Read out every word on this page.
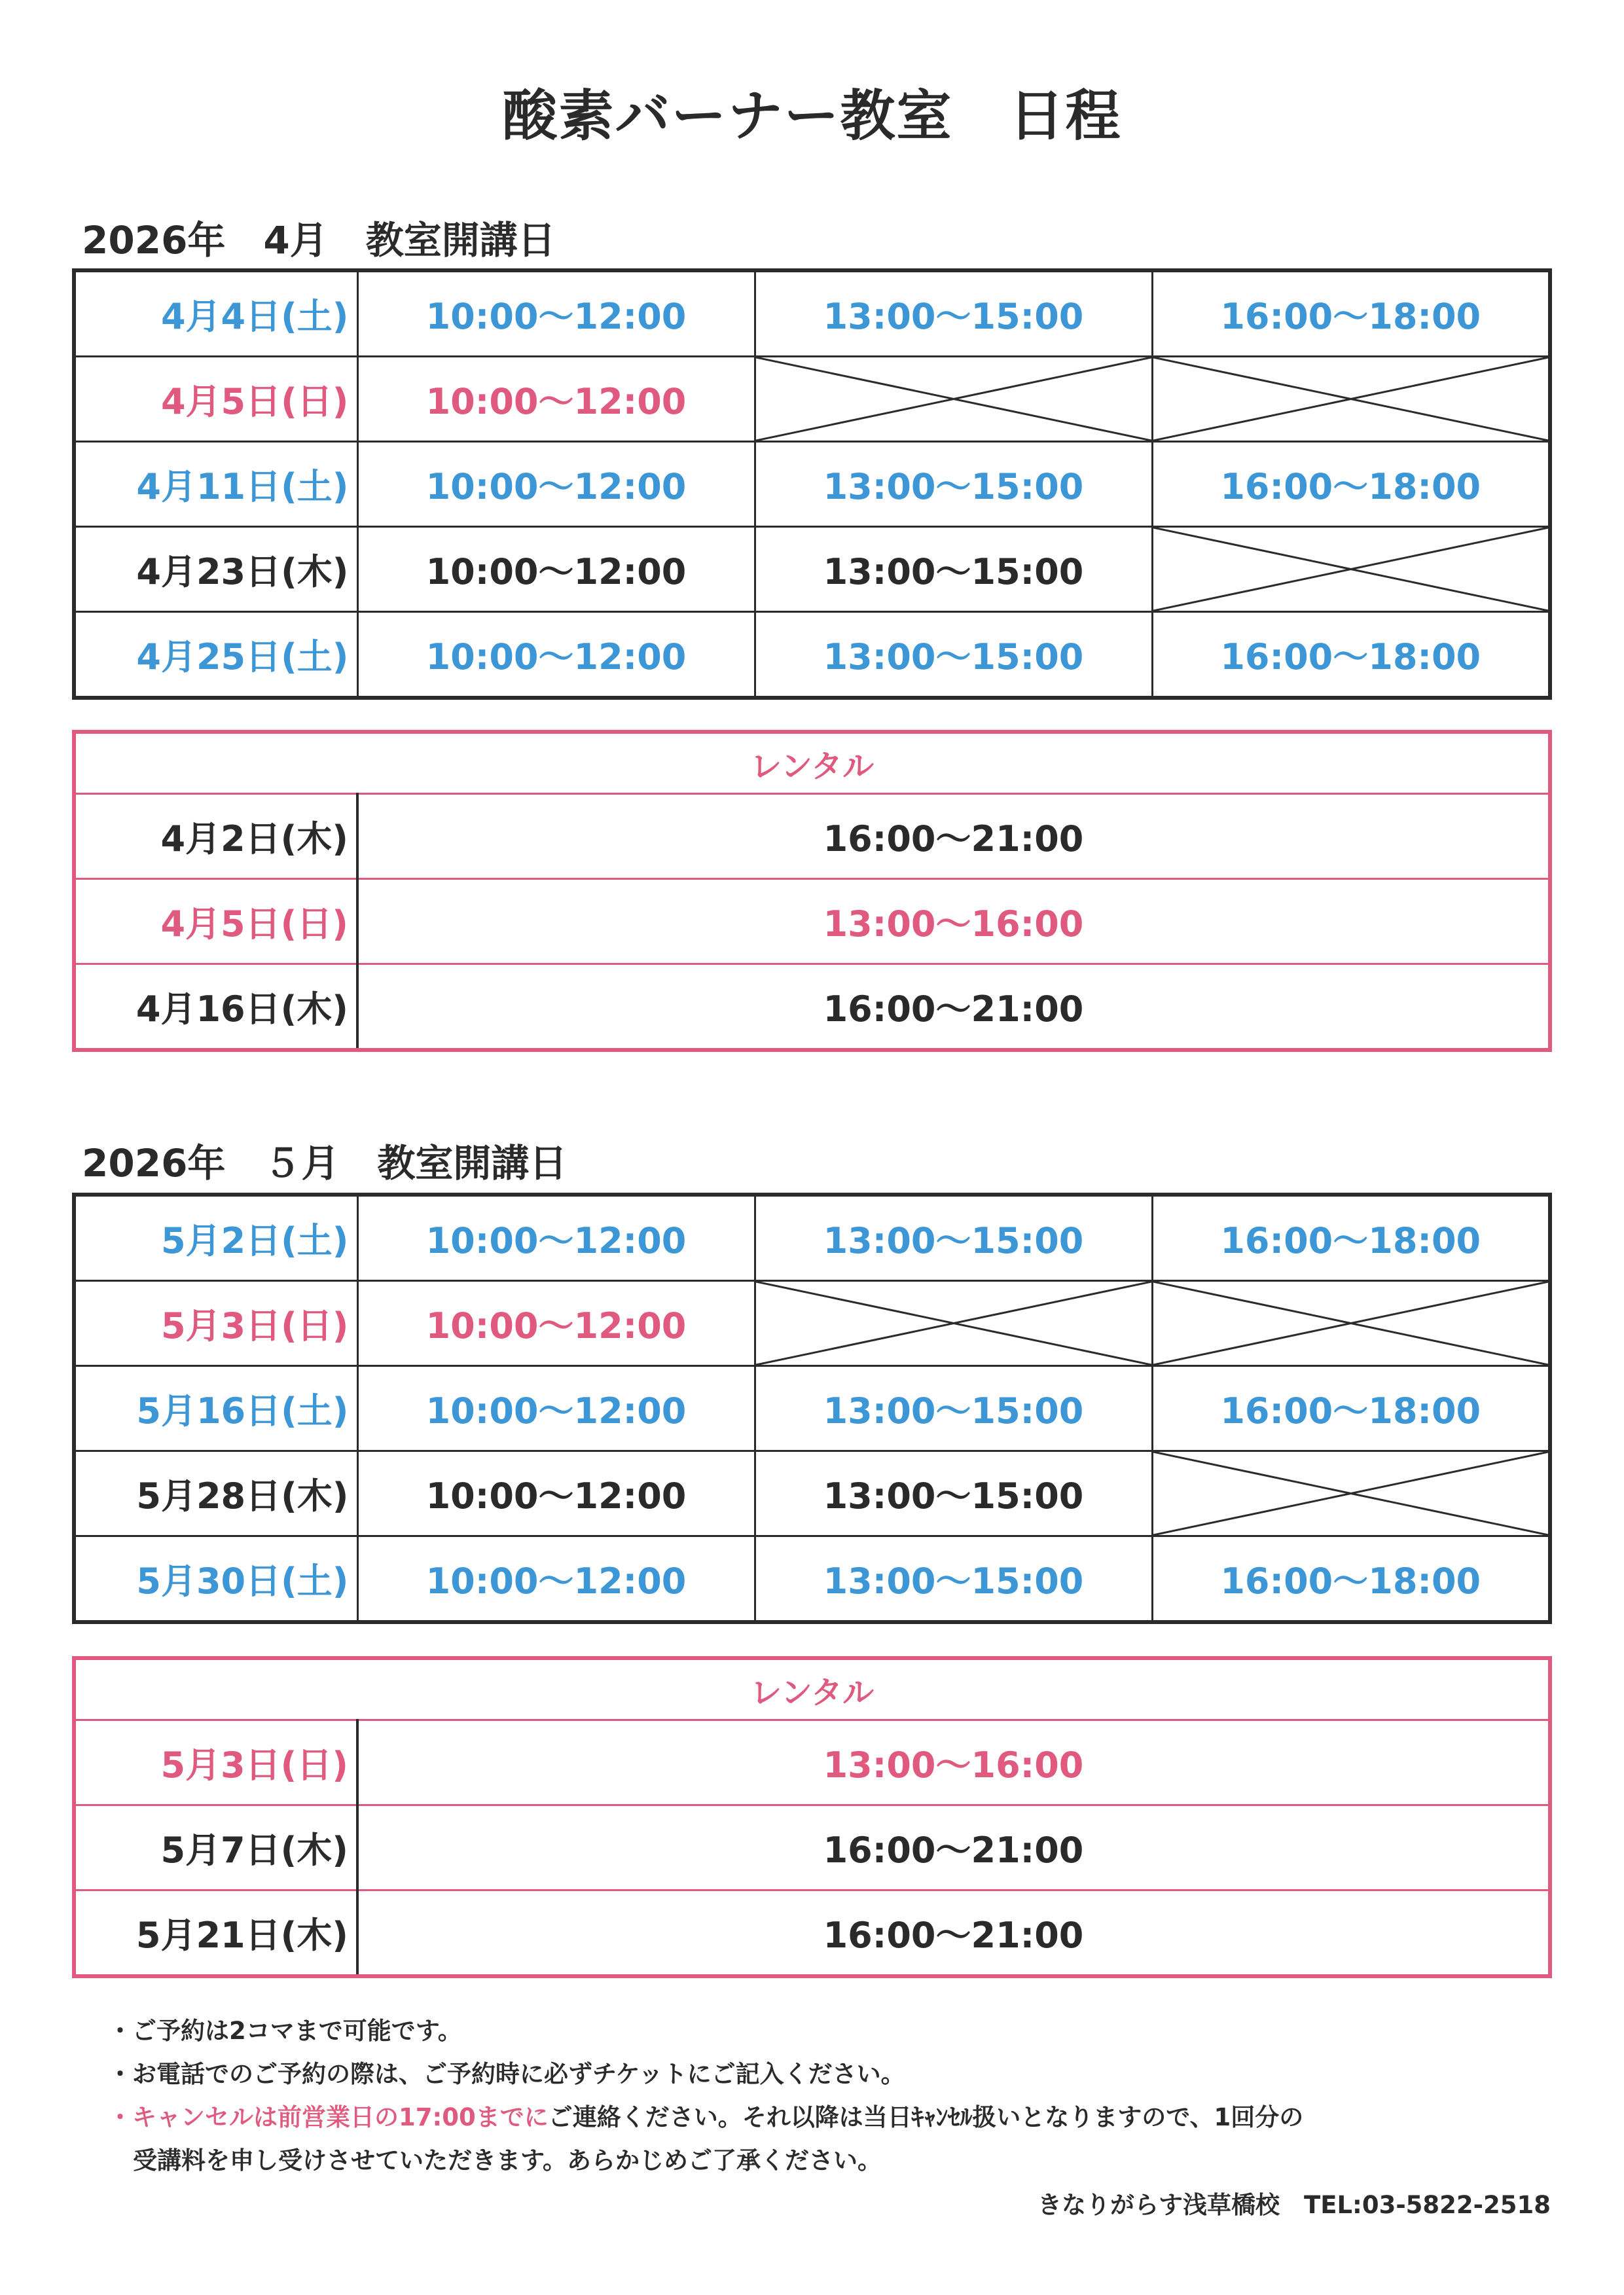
酸素バーナー教室　日程
2026年　4月　教室開講日
4月4日(土)	10:00～12:00	13:00～15:00	16:00～18:00
4月5日(日)	10:00～12:00	

4月11日(土)	10:00～12:00	13:00～15:00	16:00～18:00
4月23日(木)	10:00～12:00	13:00～15:00	

4月25日(土)	10:00～12:00	13:00～15:00	16:00～18:00
レンタル	
4月2日(木)	16:00～21:00
4月5日(日)	13:00～16:00
4月16日(木)	16:00～21:00
2026年　５月　教室開講日
5月2日(土)	10:00～12:00	13:00～15:00	16:00～18:00
5月3日(日)	10:00～12:00	

5月16日(土)	10:00～12:00	13:00～15:00	16:00～18:00
5月28日(木)	10:00～12:00	13:00～15:00	

5月30日(土)	10:00～12:00	13:00～15:00	16:00～18:00
レンタル	
5月3日(日)	13:00～16:00
5月7日(木)	16:00～21:00
5月21日(木)	16:00～21:00
・ご予約は2コマまで可能です。
・お電話でのご予約の際は、ご予約時に必ずチケットにご記入ください。
・キャンセルは前営業日の17:00までにご連絡ください。それ以降は当日ｷｬﾝｾﾙ扱いとなりますので、1回分の
受講料を申し受けさせていただきます。あらかじめご了承ください。
きなりがらす浅草橋校　TEL:03-5822-2518
